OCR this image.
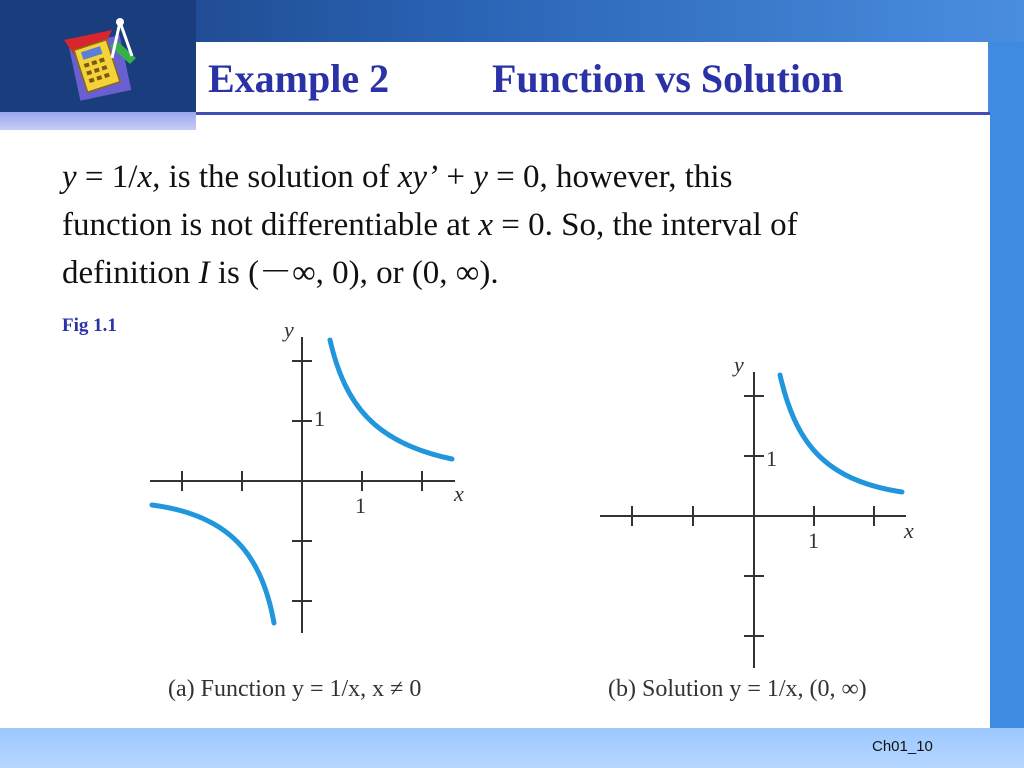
Example 2	Function vs Solution

y = 1/x, is the solution of xy’ + y = 0, however, this
function is not differentiable at x = 0. So, the interval of
definition I is (－∞, 0), or (0, ∞).

Fig 1.1	y
1
x
1
(a) Function y = 1/x, x ≠ 0
y
1
x
1
(b) Solution y = 1/x, (0, ∞)
Ch01_10
